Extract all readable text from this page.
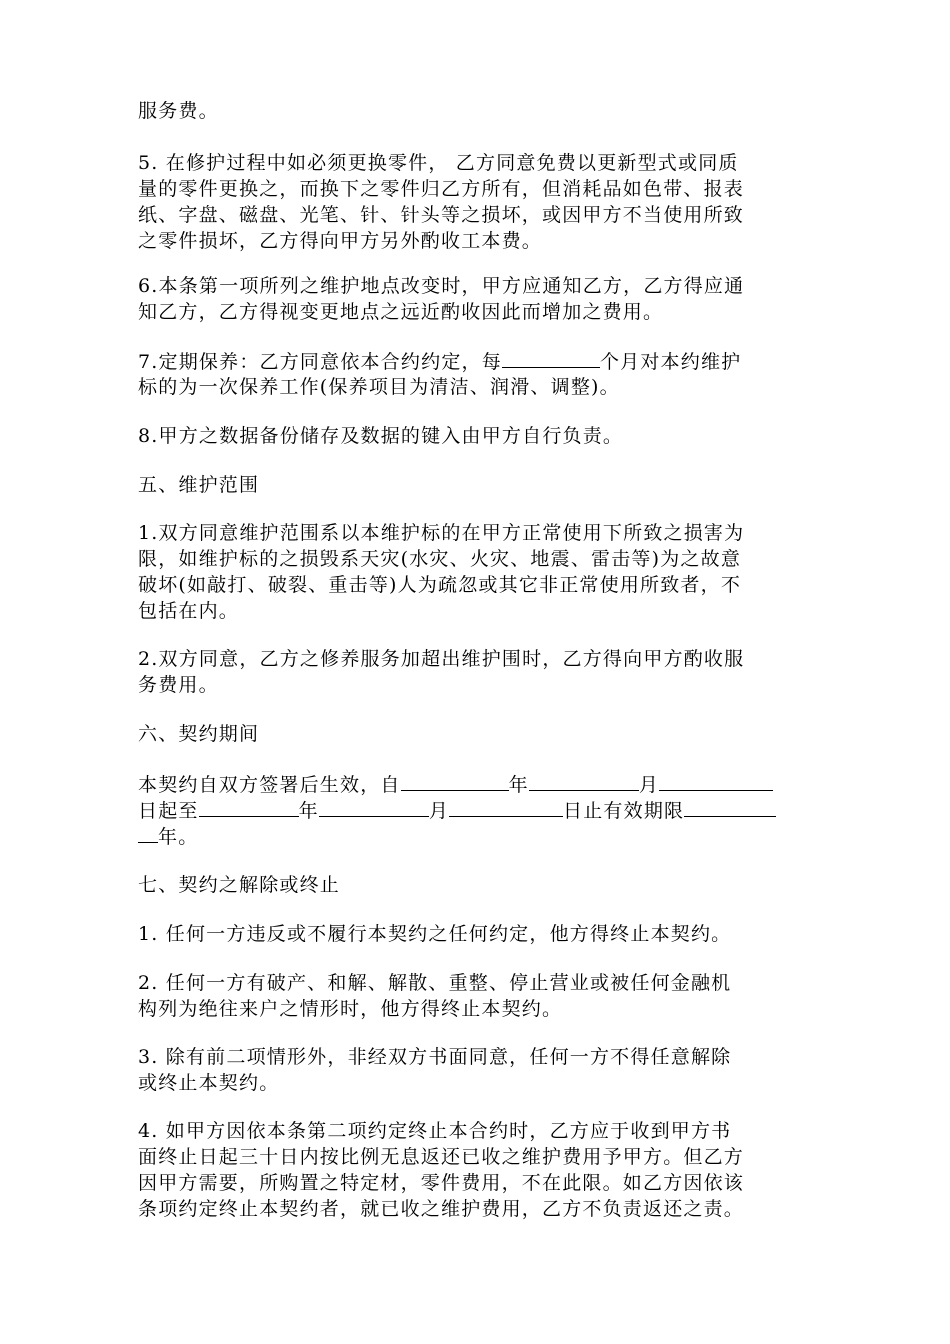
服务费。
5. 在修护过程中如必须更换零件， 乙方同意免费以更新型式或同质
量的零件更换之，而换下之零件归乙方所有，但消耗品如色带、报表
纸、字盘、磁盘、光笔、针、针头等之损坏，或因甲方不当使用所致
之零件损坏，乙方得向甲方另外酌收工本费。
6.本条第一项所列之维护地点改变时，甲方应通知乙方，乙方得应通
知乙方，乙方得视变更地点之远近酌收因此而增加之费用。
7.定期保养：乙方同意依本合约约定，每	个月对本约维护
标的为一次保养工作(保养项目为清洁、润滑、调整)。
8.甲方之数据备份储存及数据的键入由甲方自行负责。
五、维护范围
1.双方同意维护范围系以本维护标的在甲方正常使用下所致之损害为
限，如维护标的之损毁系天灾(水灾、火灾、地震、雷击等)为之故意
破坏(如敲打、破裂、重击等)人为疏忽或其它非正常使用所致者，不
包括在内。
2.双方同意，乙方之修养服务加超出维护围时，乙方得向甲方酌收服
务费用。
六、契约期间
本契约自双方签署后生效，自	年	月
日起至	年	月	日止有效期限
年。
七、契约之解除或终止
1. 任何一方违反或不履行本契约之任何约定，他方得终止本契约。
2. 任何一方有破产、和解、解散、重整、停止营业或被任何金融机
构列为绝往来户之情形时，他方得终止本契约。
3. 除有前二项情形外，非经双方书面同意，任何一方不得任意解除
或终止本契约。
4. 如甲方因依本条第二项约定终止本合约时，乙方应于收到甲方书
面终止日起三十日内按比例无息返还已收之维护费用予甲方。但乙方
因甲方需要，所购置之特定材，零件费用，不在此限。如乙方因依该
条项约定终止本契约者，就已收之维护费用，乙方不负责返还之责。
